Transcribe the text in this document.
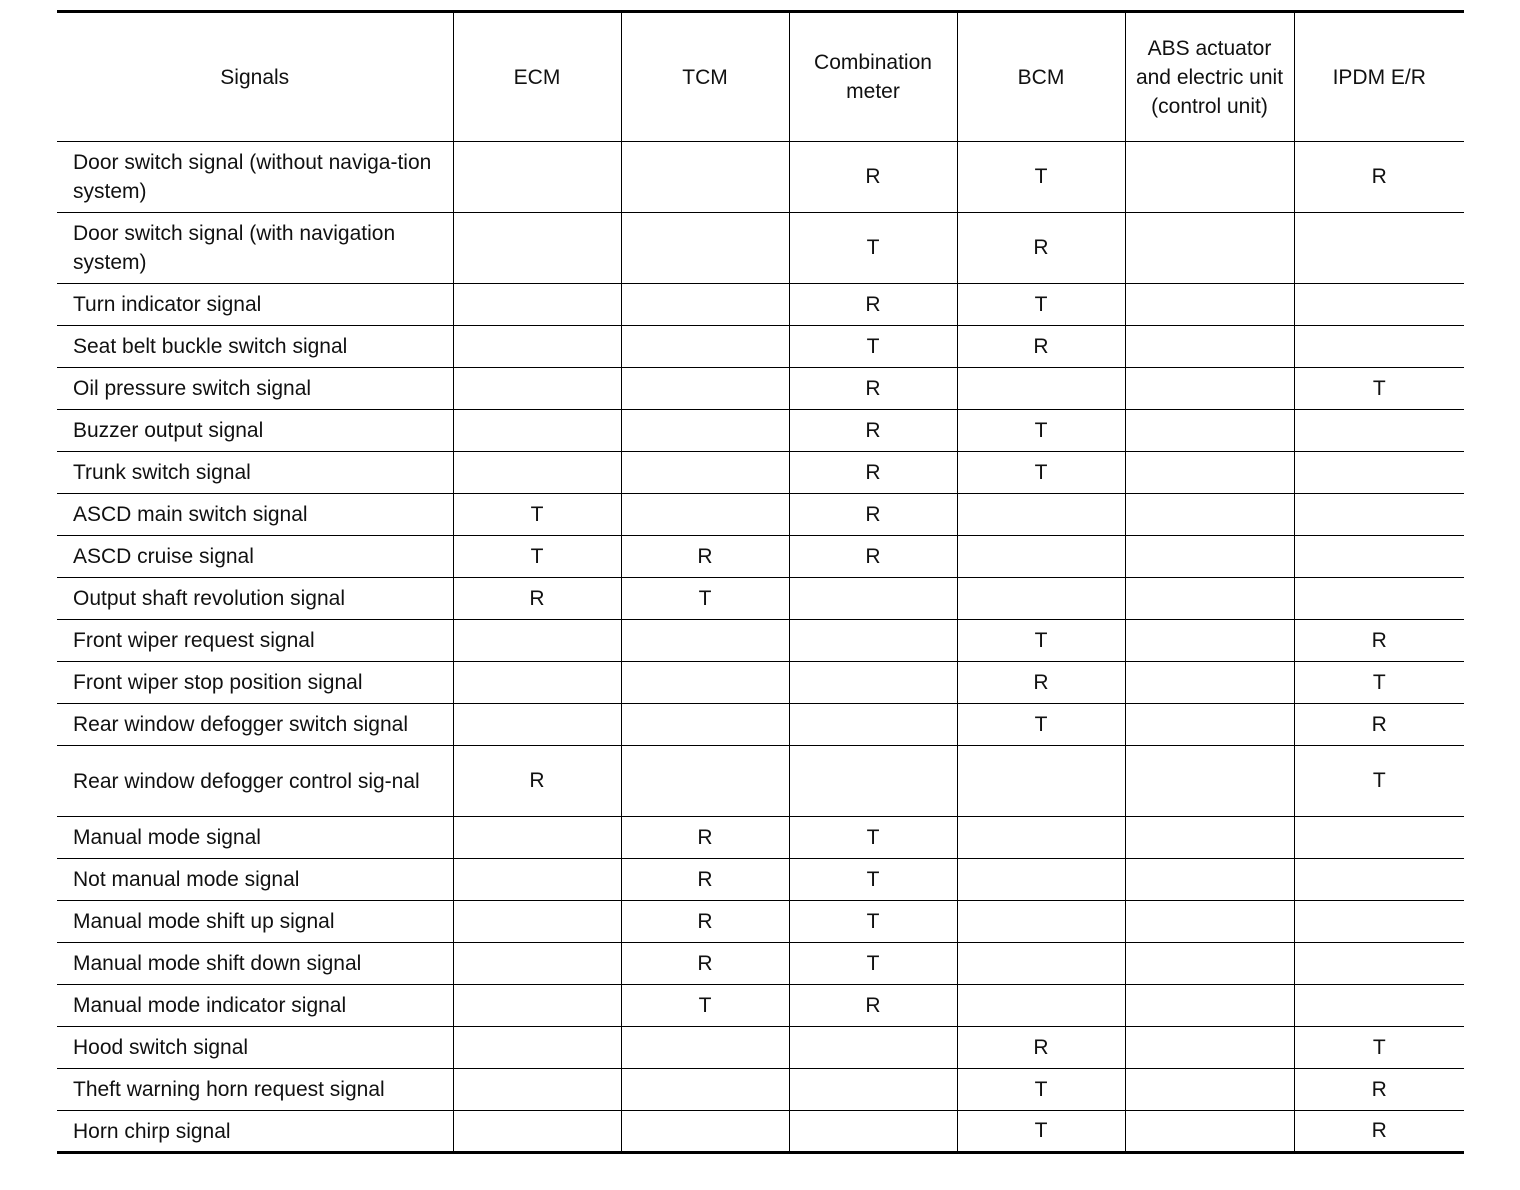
Signals	ECM	TCM	Combination meter	BCM	ABS actuator and electric unit (control unit)	IPDM E/R
Door switch signal (without naviga-tion system)			R	T		R
Door switch signal (with navigation system)			T	R		
Turn indicator signal			R	T		
Seat belt buckle switch signal			T	R		
Oil pressure switch signal			R			T
Buzzer output signal			R	T		
Trunk switch signal			R	T		
ASCD main switch signal	T		R			
ASCD cruise signal	T	R	R			
Output shaft revolution signal	R	T				
Front wiper request signal				T		R
Front wiper stop position signal				R		T
Rear window defogger switch signal				T		R
Rear window defogger control sig-nal	R					T
Manual mode signal		R	T			
Not manual mode signal		R	T			
Manual mode shift up signal		R	T			
Manual mode shift down signal		R	T			
Manual mode indicator signal		T	R			
Hood switch signal				R		T
Theft warning horn request signal				T		R
Horn chirp signal				T		R
